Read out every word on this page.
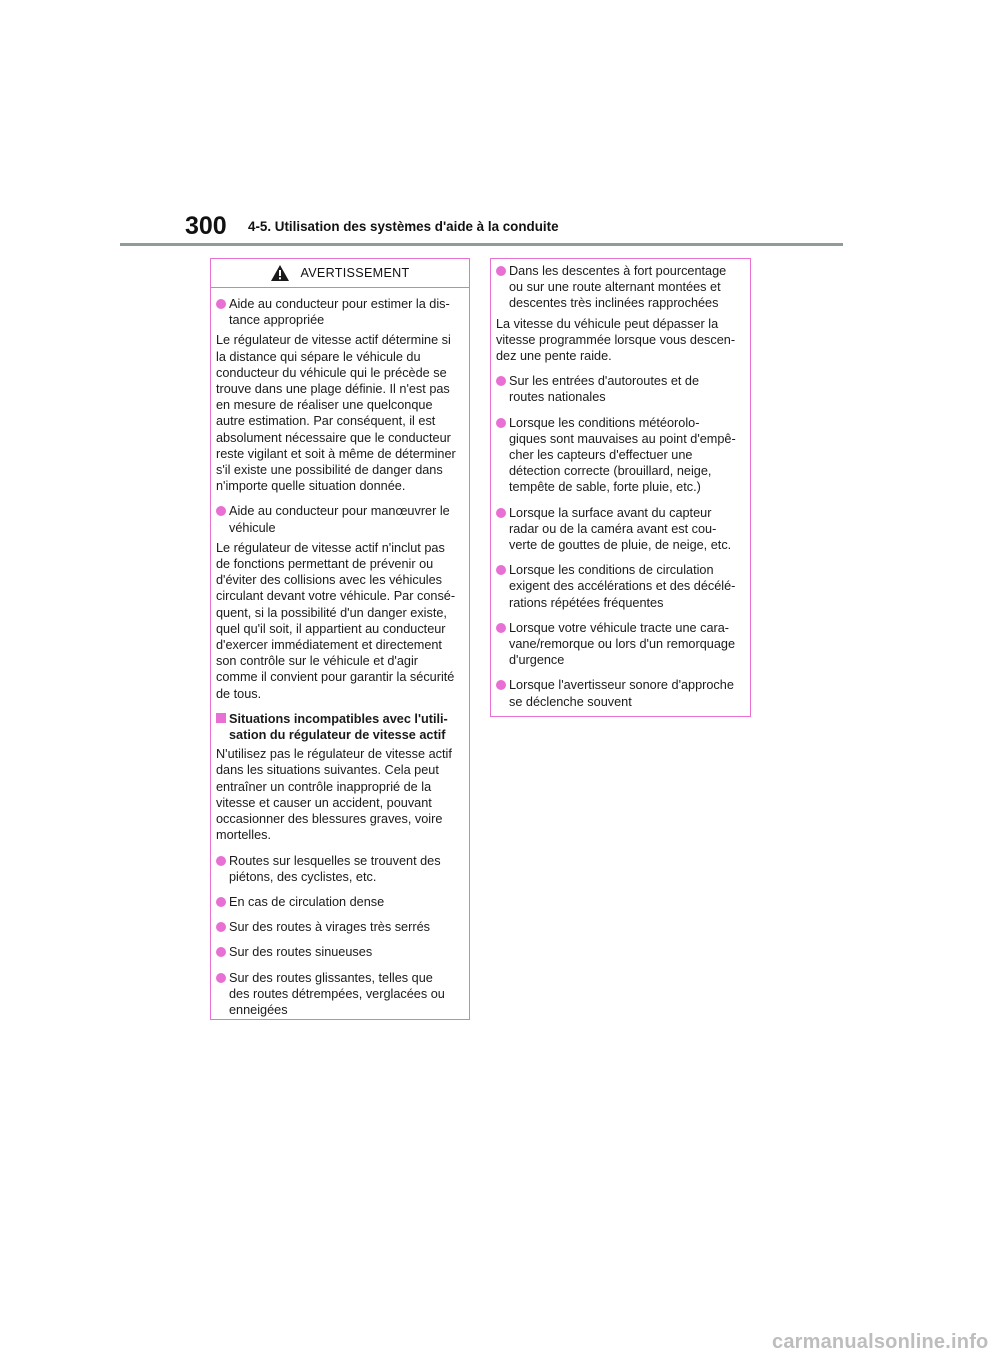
300 4-5. Utilisation des systèmes d'aide à la conduite
AVERTISSEMENT

Aide au conducteur pour estimer la dis-
tance appropriée

Le régulateur de vitesse actif détermine si
la distance qui sépare le véhicule du
conducteur du véhicule qui le précède se
trouve dans une plage définie. Il n'est pas
en mesure de réaliser une quelconque
autre estimation. Par conséquent, il est
absolument nécessaire que le conducteur
reste vigilant et soit à même de déterminer
s'il existe une possibilité de danger dans
n'importe quelle situation donnée.

Aide au conducteur pour manœuvrer le
véhicule

Le régulateur de vitesse actif n'inclut pas
de fonctions permettant de prévenir ou
d'éviter des collisions avec les véhicules
circulant devant votre véhicule. Par consé-
quent, si la possibilité d'un danger existe,
quel qu'il soit, il appartient au conducteur
d'exercer immédiatement et directement
son contrôle sur le véhicule et d'agir
comme il convient pour garantir la sécurité
de tous.

Situations incompatibles avec l'utili-
sation du régulateur de vitesse actif

N'utilisez pas le régulateur de vitesse actif
dans les situations suivantes. Cela peut
entraîner un contrôle inapproprié de la
vitesse et causer un accident, pouvant
occasionner des blessures graves, voire
mortelles.

Routes sur lesquelles se trouvent des
piétons, des cyclistes, etc.

En cas de circulation dense

Sur des routes à virages très serrés

Sur des routes sinueuses

Sur des routes glissantes, telles que
des routes détrempées, verglacées ou
enneigées

Dans les descentes à fort pourcentage
ou sur une route alternant montées et
descentes très inclinées rapprochées

La vitesse du véhicule peut dépasser la
vitesse programmée lorsque vous descen-
dez une pente raide.

Sur les entrées d'autoroutes et de
routes nationales

Lorsque les conditions météorolo-
giques sont mauvaises au point d'empê-
cher les capteurs d'effectuer une
détection correcte (brouillard, neige,
tempête de sable, forte pluie, etc.)

Lorsque la surface avant du capteur
radar ou de la caméra avant est cou-
verte de gouttes de pluie, de neige, etc.

Lorsque les conditions de circulation
exigent des accélérations et des décélé-
rations répétées fréquentes

Lorsque votre véhicule tracte une cara-
vane/remorque ou lors d'un remorquage
d'urgence

Lorsque l'avertisseur sonore d'approche
se déclenche souvent

carmanualsonline.info
